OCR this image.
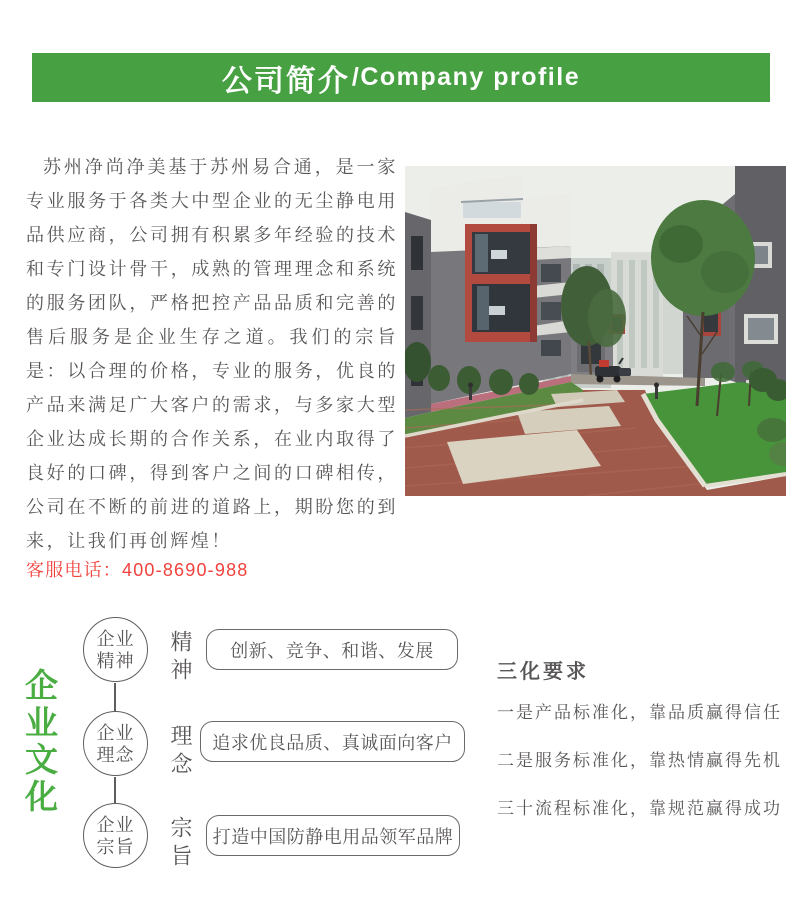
公司简介 /Company profile
苏州净尚净美基于苏州易合通，是一家专业服务于各类大中型企业的无尘静电用品供应商，公司拥有积累多年经验的技术和专门设计骨干，成熟的管理理念和系统的服务团队，严格把控产品品质和完善的售后服务是企业生存之道。我们的宗旨是：以合理的价格，专业的服务，优良的产品来满足广大客户的需求，与多家大型企业达成长期的合作关系，在业内取得了良好的口碑，得到客户之间的口碑相传，公司在不断的前进的道路上，期盼您的到来，让我们再创辉煌！
客服电话：400-8690-988
企业文化
企业
精神
企业
理念
企业
宗旨
精神
理念
宗旨
创新、竞争、和谐、发展
追求优良品质、真诚面向客户
打造中国防静电用品领军品牌
三化要求
一是产品标准化，靠品质赢得信任
二是服务标准化，靠热情赢得先机
三十流程标准化，靠规范赢得成功
